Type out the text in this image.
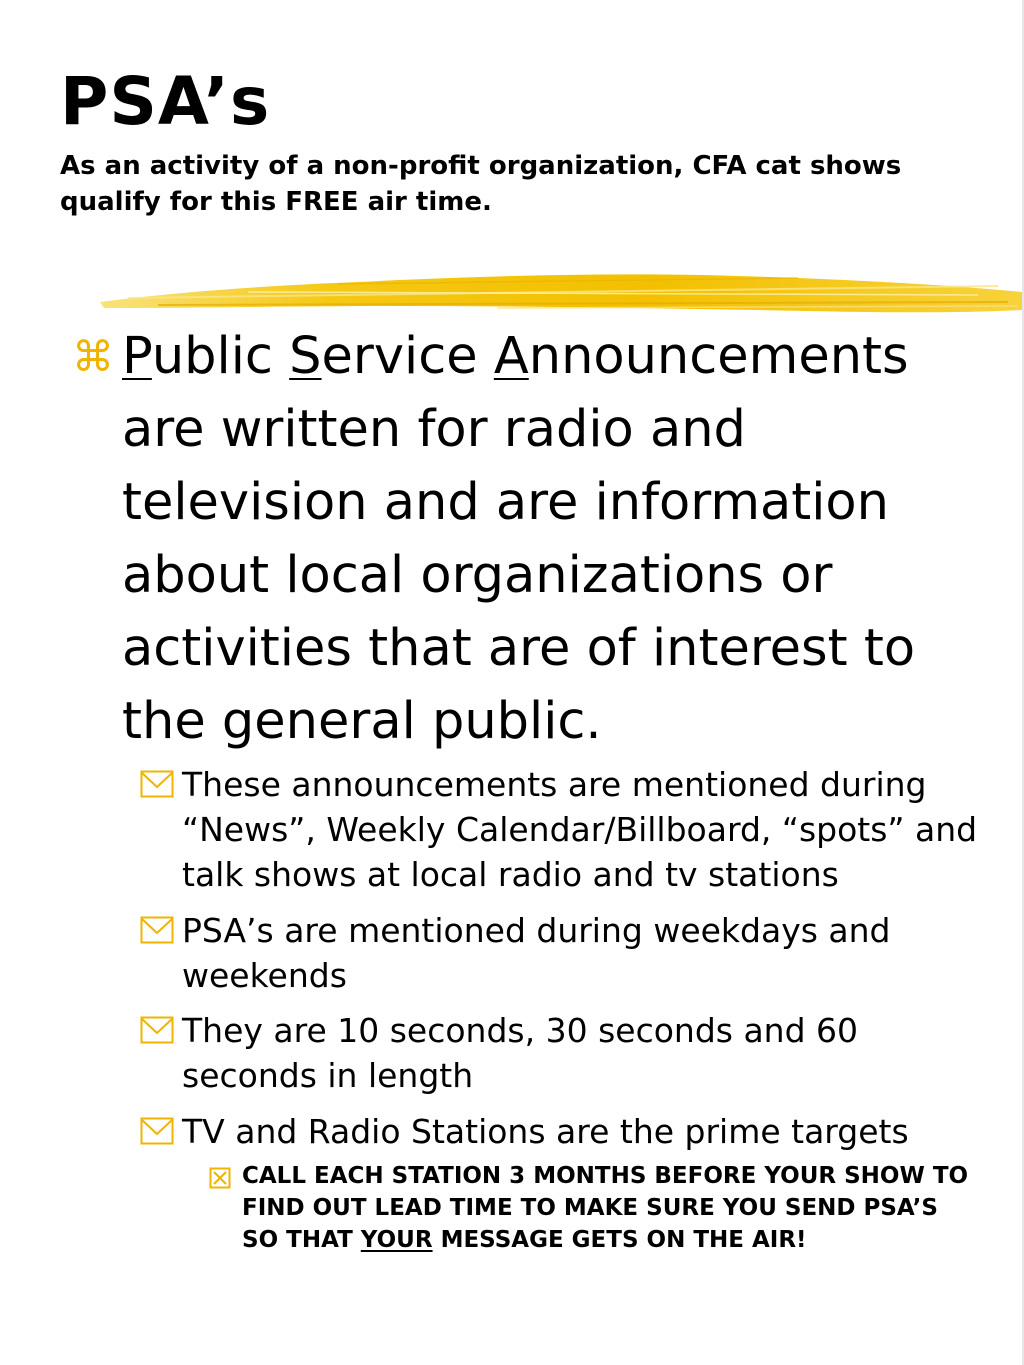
PSA’s

As an activity of a non-profit organization, CFA cat shows qualify for this FREE air time.

⌘ Public Service Announcements are written for radio and television and are information about local organizations or activities that are of interest to the general public.
These announcements are mentioned during “News”, Weekly Calendar/Billboard, “spots” and talk shows at local radio and tv stations
PSA’s are mentioned during weekdays and weekends
They are 10 seconds, 30 seconds and 60 seconds in length
TV and Radio Stations are the prime targets
CALL EACH STATION 3 MONTHS BEFORE YOUR SHOW TO FIND OUT LEAD TIME TO MAKE SURE YOU SEND PSA’S SO THAT YOUR MESSAGE GETS ON THE AIR!
